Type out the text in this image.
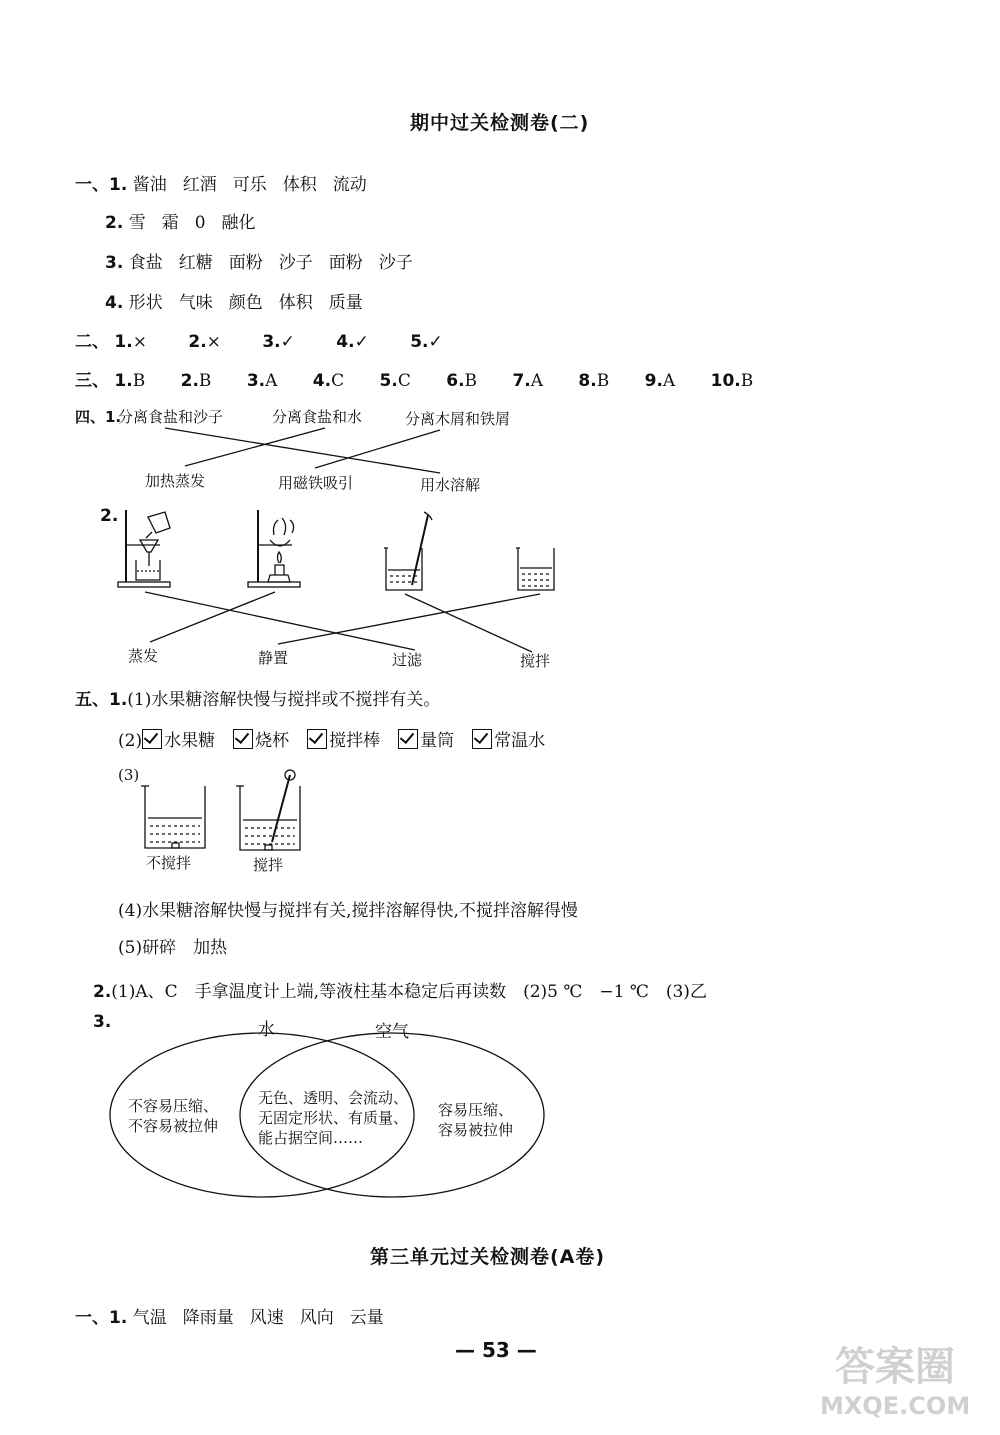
期中过关检测卷(二)
一、1. 酱油 红酒 可乐 体积 流动
2. 雪 霜 0 融化
3. 食盐 红糖 面粉 沙子 面粉 沙子
4. 形状 气味 颜色 体积 质量
二、 1.× 2.× 3.✓ 4.✓ 5.✓
三、 1.B 2.B 3.A 4.C 5.C 6.B 7.A 8.B 9.A 10.B
四、1.
分离食盐和沙子	分离食盐和水	分离木屑和铁屑
加热蒸发	用磁铁吸引	用水溶解
2.
蒸发	静置	过滤	搅拌
五、1.(1)水果糖溶解快慢与搅拌或不搅拌有关。
(2) 水果糖 烧杯 搅拌棒 量筒 常温水
(3)
不搅拌	搅拌
(4)水果糖溶解快慢与搅拌有关,搅拌溶解得快,不搅拌溶解得慢
(5)研碎　加热
2.(1)A、C　手拿温度计上端,等液柱基本稳定后再读数　(2)5 ℃　−1 ℃　(3)乙
3.	水	空气
不容易压缩、
不容易被拉伸
无色、透明、会流动、
无固定形状、有质量、
能占据空间……
容易压缩、
容易被拉伸
第三单元过关检测卷(A卷)
一、1. 气温 降雨量 风速 风向 云量
— 53 —	答案圈
MXQE.COM
